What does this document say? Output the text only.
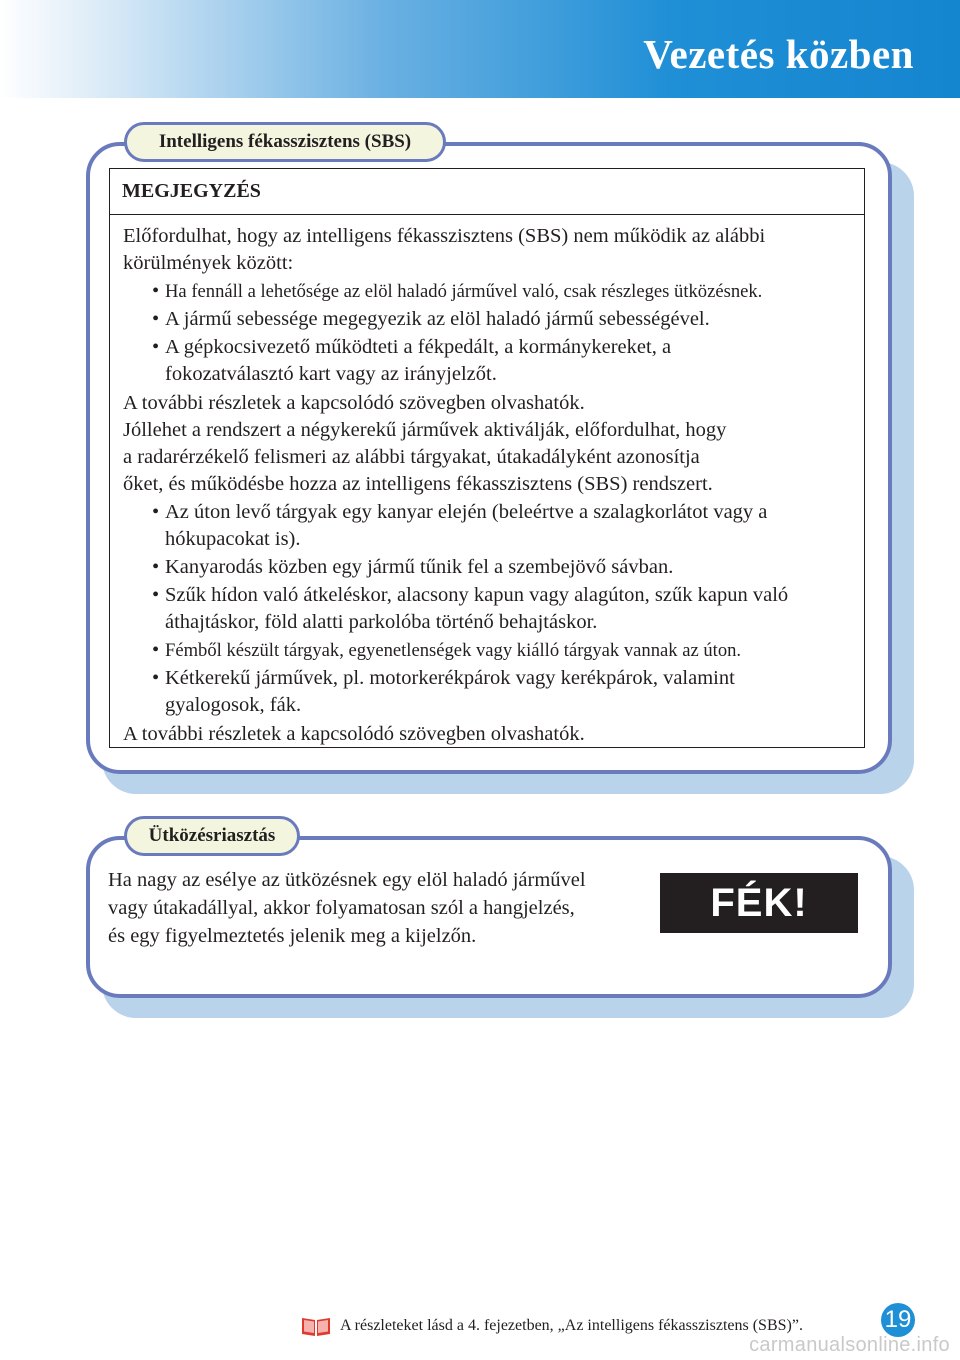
Vezetés közben
Intelligens fékasszisztens (SBS)
MEGJEGYZÉS

Előfordulhat, hogy az intelligens fékasszisztens (SBS) nem működik az alábbi

körülmények között:

• Ha fennáll a lehetősége az elöl haladó járművel való, csak részleges ütközésnek.
• A jármű sebessége megegyezik az elöl haladó jármű sebességével.
• A gépkocsivezető működteti a fékpedált, a kormánykereket, a fokozatválasztó kart vagy az irányjelzőt.

A további részletek a kapcsolódó szövegben olvashatók.

Jóllehet a rendszert a négykerekű járművek aktiválják, előfordulhat, hogy

a radarérzékelő felismeri az alábbi tárgyakat, útakadályként azonosítja

őket, és működésbe hozza az intelligens fékasszisztens (SBS) rendszert.

• Az úton levő tárgyak egy kanyar elején (beleértve a szalagkorlátot vagy a hókupacokat is).
• Kanyarodás közben egy jármű tűnik fel a szembejövő sávban.
• Szűk hídon való átkeléskor, alacsony kapun vagy alagúton, szűk kapun való áthajtáskor, föld alatti parkolóba történő behajtáskor.
• Fémből készült tárgyak, egyenetlenségek vagy kiálló tárgyak vannak az úton.
• Kétkerekű járművek, pl. motorkerékpárok vagy kerékpárok, valamint gyalogosok, fák.

A további részletek a kapcsolódó szövegben olvashatók.

Ütközésriasztás
Ha nagy az esélye az ütközésnek egy elöl haladó járművel
vagy útakadállyal, akkor folyamatosan szól a hangjelzés,
és egy figyelmeztetés jelenik meg a kijelzőn.
FÉK!
A részleteket lásd a 4. fejezetben, „Az intelligens fékasszisztens (SBS)”.	19
carmanualsonline.info
